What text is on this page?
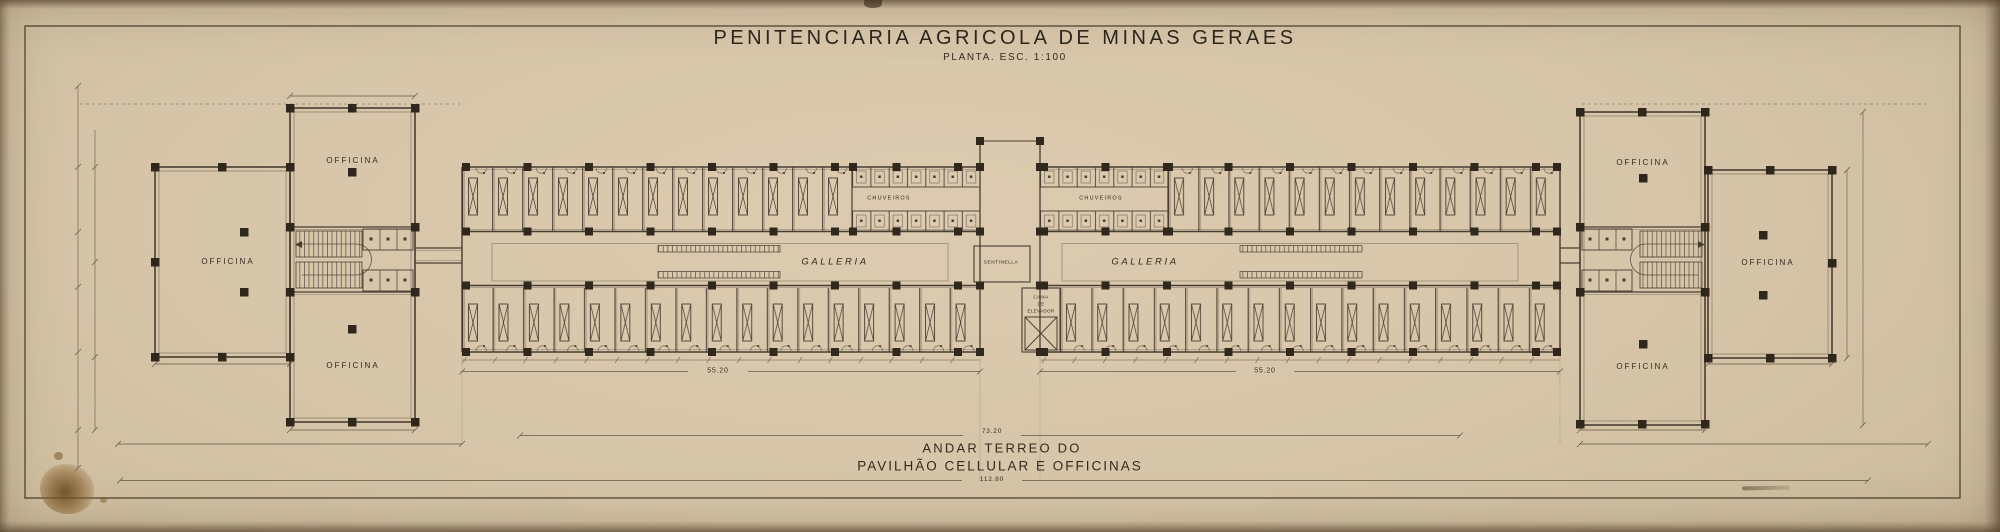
PENITENCIARIA AGRICOLA DE MINAS GERAES
PLANTA. ESC. 1:100
OFFICINA
OFFICINA
OFFICINA
OFFICINA
OFFICINA
OFFICINA
GALLERIA	GALLERIA
CHUVEIROS	CHUVEIROS
SENTINELLA
CAIXA
DE
ELEVADOR
55.20	55.20
73.20
112.80
ANDAR TERREO DO
PAVILHÃO CELLULAR E OFFICINAS
